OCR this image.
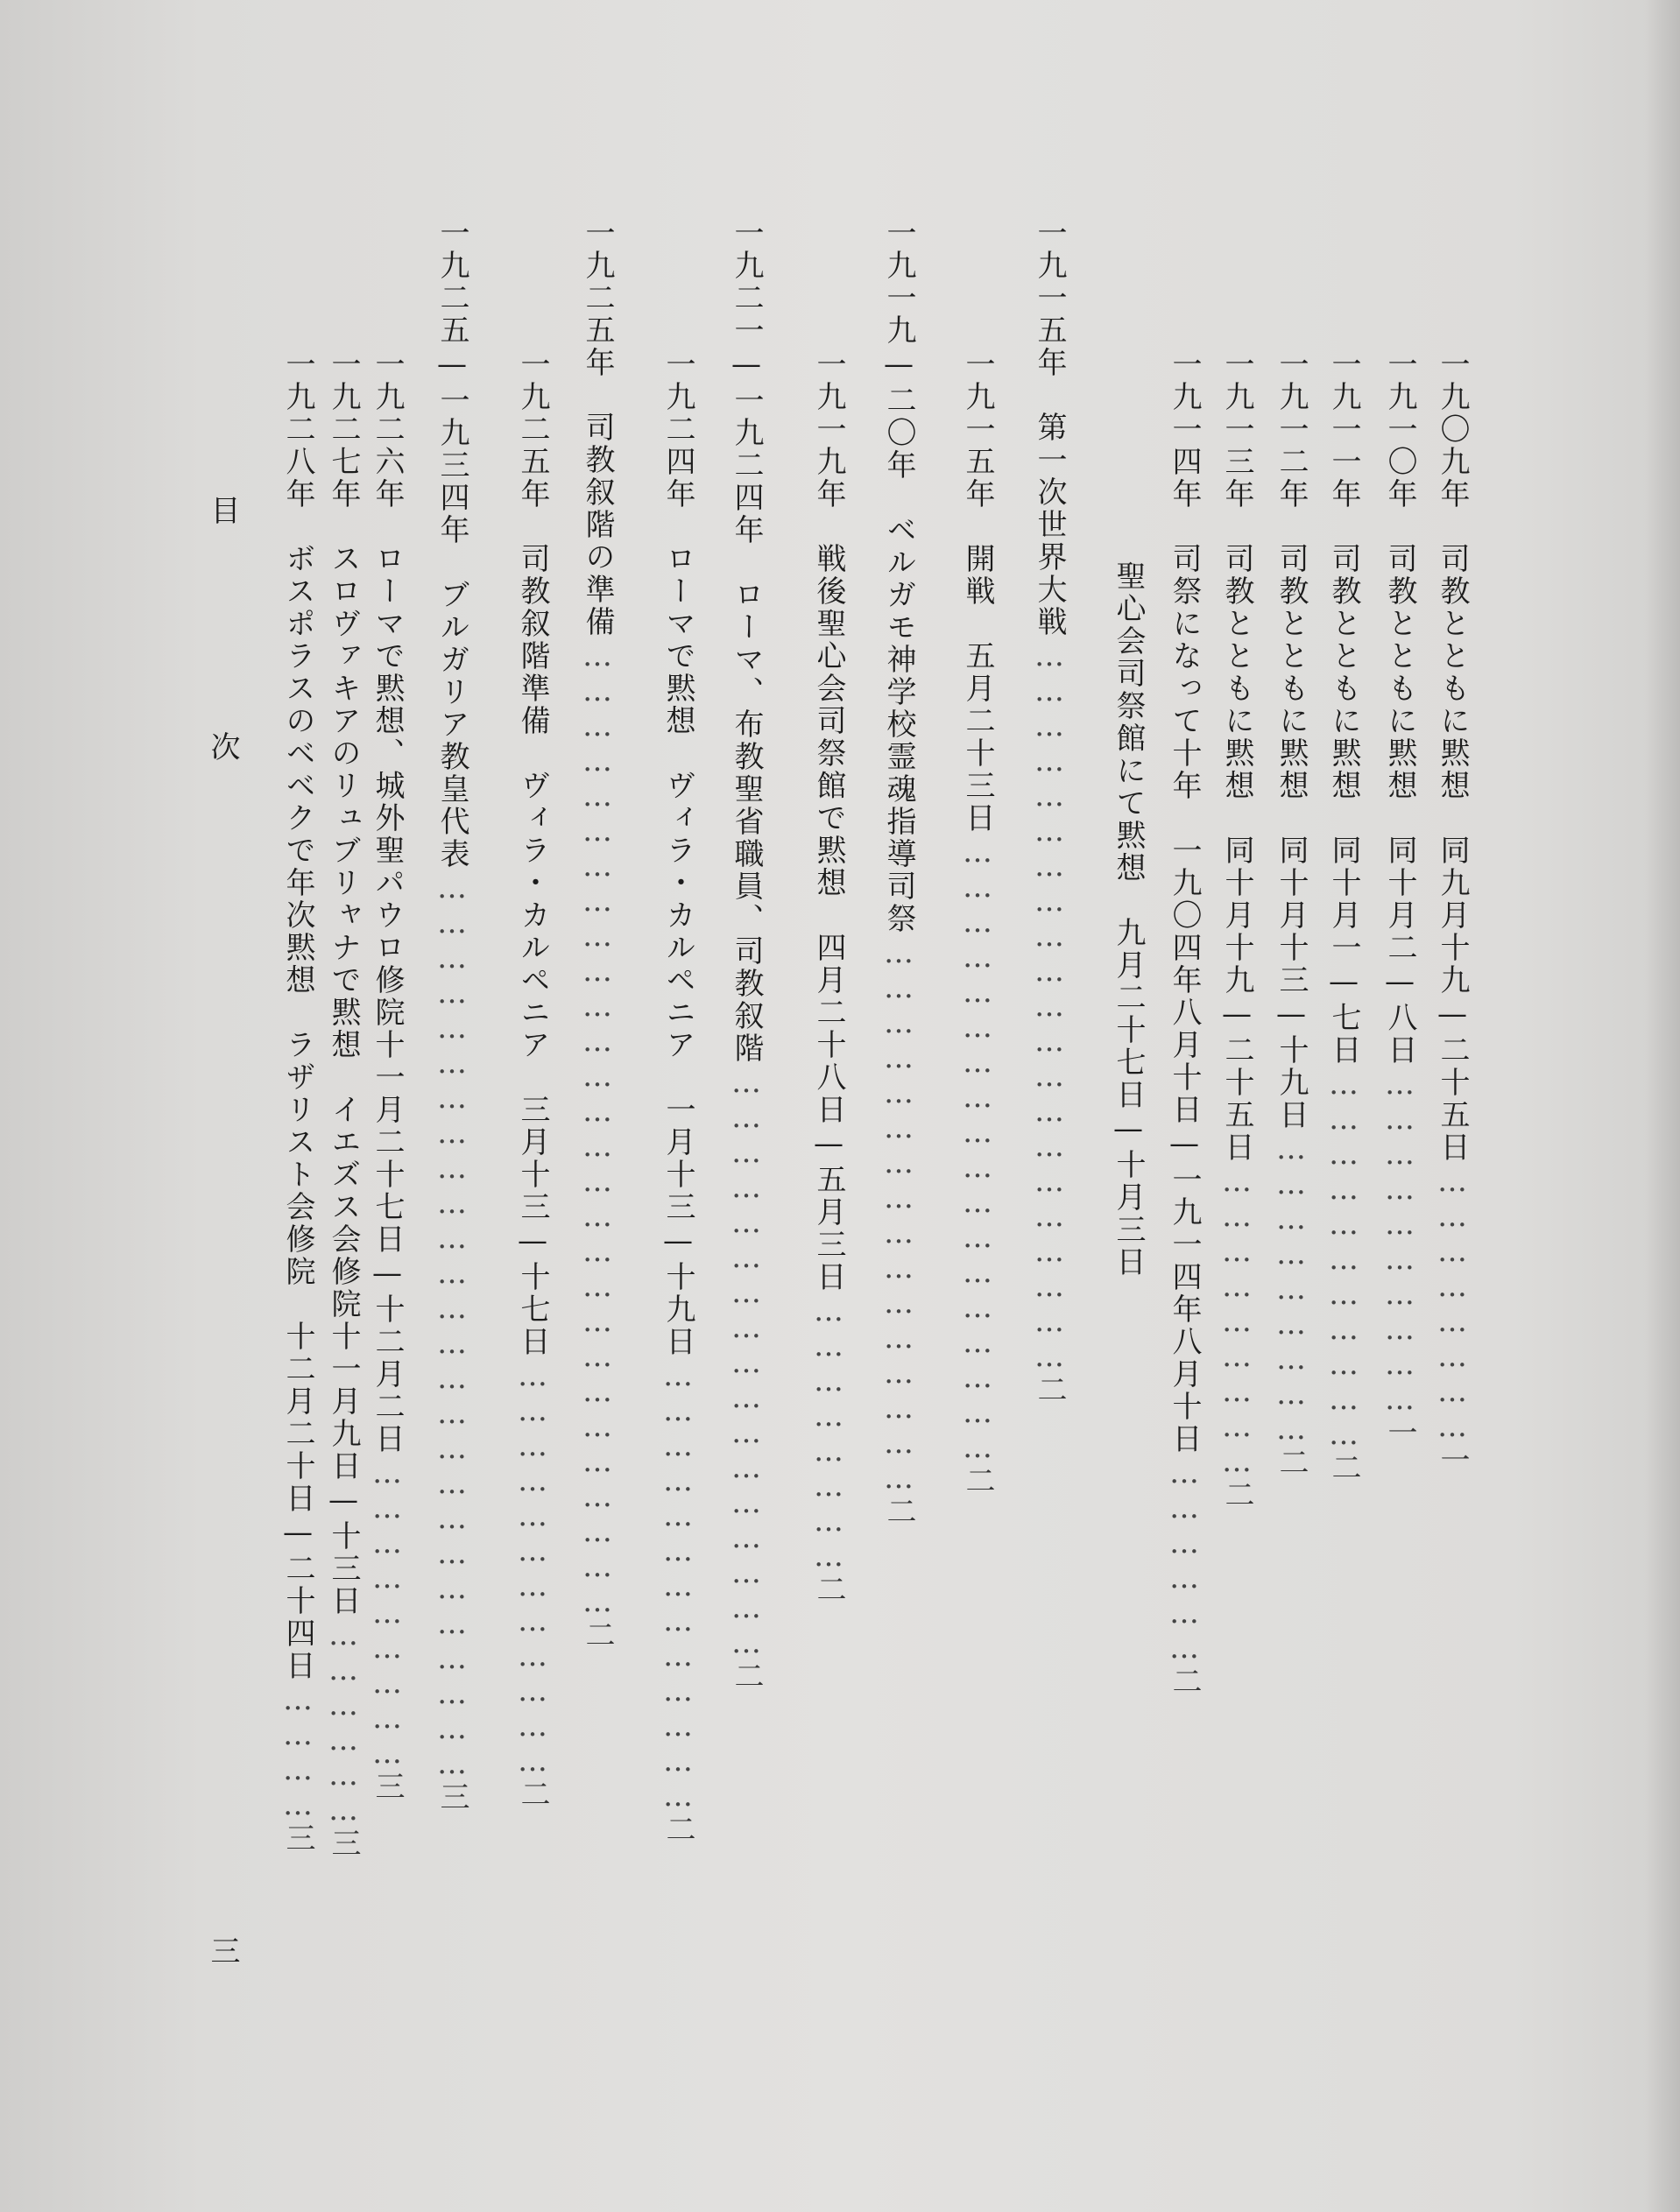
一九〇九年　司教とともに黙想　同九月十九—二十五日……………………一
一九一〇年　司教とともに黙想　同十月二—八日…………………………一
一九一一年　司教とともに黙想　同十月一—七日……………………………二
一九一二年　司教とともに黙想　同十月十三—十九日………………………二
一九一三年　司教とともに黙想　同十月十九—二十五日………………………二
一九一四年　司祭になって十年　一九〇四年八月十日—一九一四年八月十日………………二
聖心会司祭館にて黙想　九月二十七日—十月三日
一九一五年　第一次世界大戦………………………………………………………二
一九一五年　開戦　五月二十三日………………………………………………二
一九一九—二〇年　ベルガモ神学校霊魂指導司祭…………………………………………二
一九一九年　戦後聖心会司祭館で黙想　四月二十八日—五月三日……………………二
一九二一—一九二四年　ローマ、布教聖省職員、司教叙階……………………………………………二
一九二四年　ローマで黙想　ヴィラ・カルペニア　一月十三—十九日…………………………………二
一九二五年　司教叙階の準備…………………………………………………………………………二
一九二五年　司教叙階準備　ヴィラ・カルペニア　三月十三—十七日………………………………二
一九二五—一九三四年　ブルガリア教皇代表……………………………………………………………………三
一九二六年　ローマで黙想、城外聖パウロ修院十一月二十七日—十二月二日………………………三
一九二七年　スロヴァキアのリュブリャナで黙想　イエズス会修院十一月九日—十三日………………三
一九二八年　ボスポラスのベベクで年次黙想　ラザリスト会修院　十二月二十日—二十四日…………三
目
次
三
